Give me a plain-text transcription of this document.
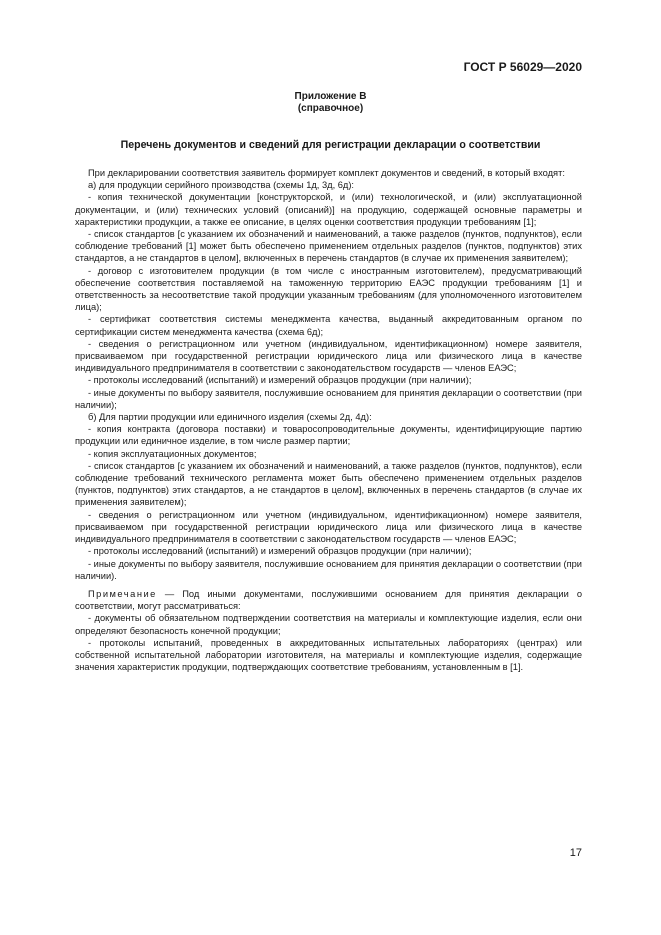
ГОСТ Р 56029—2020
Приложение В
(справочное)
Перечень документов и сведений для регистрации декларации о соответствии

При декларировании соответствия заявитель формирует комплект документов и сведений, в который входят:

а) для продукции серийного производства (схемы 1д, 3д, 6д):

- копия технической документации [конструкторской, и (или) технологической, и (или) эксплуатационной документации, и (или) технических условий (описаний)] на продукцию, содержащей основные параметры и характеристики продукции, а также ее описание, в целях оценки соответствия продукции требованиям [1];

- список стандартов [с указанием их обозначений и наименований, а также разделов (пунктов, подпунктов), если соблюдение требований [1] может быть обеспечено применением отдельных разделов (пунктов, подпунктов) этих стандартов, а не стандартов в целом], включенных в перечень стандартов (в случае их применения заявителем);

- договор с изготовителем продукции (в том числе с иностранным изготовителем), предусматривающий обеспечение соответствия поставляемой на таможенную территорию ЕАЭС продукции требованиям [1] и ответственность за несоответствие такой продукции указанным требованиям (для уполномоченного изготовителем лица);

- сертификат соответствия системы менеджмента качества, выданный аккредитованным органом по сертификации систем менеджмента качества (схема 6д);

- сведения о регистрационном или учетном (индивидуальном, идентификационном) номере заявителя, присваиваемом при государственной регистрации юридического лица или физического лица в качестве индивидуального предпринимателя в соответствии с законодательством государств — членов ЕАЭС;

- протоколы исследований (испытаний) и измерений образцов продукции (при наличии);

- иные документы по выбору заявителя, послужившие основанием для принятия декларации о соответствии (при наличии);

б) Для партии продукции или единичного изделия (схемы 2д, 4д):

- копия контракта (договора поставки) и товаросопроводительные документы, идентифицирующие партию продукции или единичное изделие, в том числе размер партии;

- копия эксплуатационных документов;

- список стандартов [с указанием их обозначений и наименований, а также разделов (пунктов, подпунктов), если соблюдение требований технического регламента может быть обеспечено применением отдельных разделов (пунктов, подпунктов) этих стандартов, а не стандартов в целом], включенных в перечень стандартов (в случае их применения заявителем);

- сведения о регистрационном или учетном (индивидуальном, идентификационном) номере заявителя, присваиваемом при государственной регистрации юридического лица или физического лица в качестве индивидуального предпринимателя в соответствии с законодательством государств — членов ЕАЭС;

- протоколы исследований (испытаний) и измерений образцов продукции (при наличии);

- иные документы по выбору заявителя, послужившие основанием для принятия декларации о соответствии (при наличии).

Примечание — Под иными документами, послужившими основанием для принятия декларации о соответствии, могут рассматриваться:

- документы об обязательном подтверждении соответствия на материалы и комплектующие изделия, если они определяют безопасность конечной продукции;

- протоколы испытаний, проведенных в аккредитованных испытательных лабораториях (центрах) или собственной испытательной лаборатории изготовителя, на материалы и комплектующие изделия, содержащие значения характеристик продукции, подтверждающих соответствие требованиям, установленным в [1].

17
